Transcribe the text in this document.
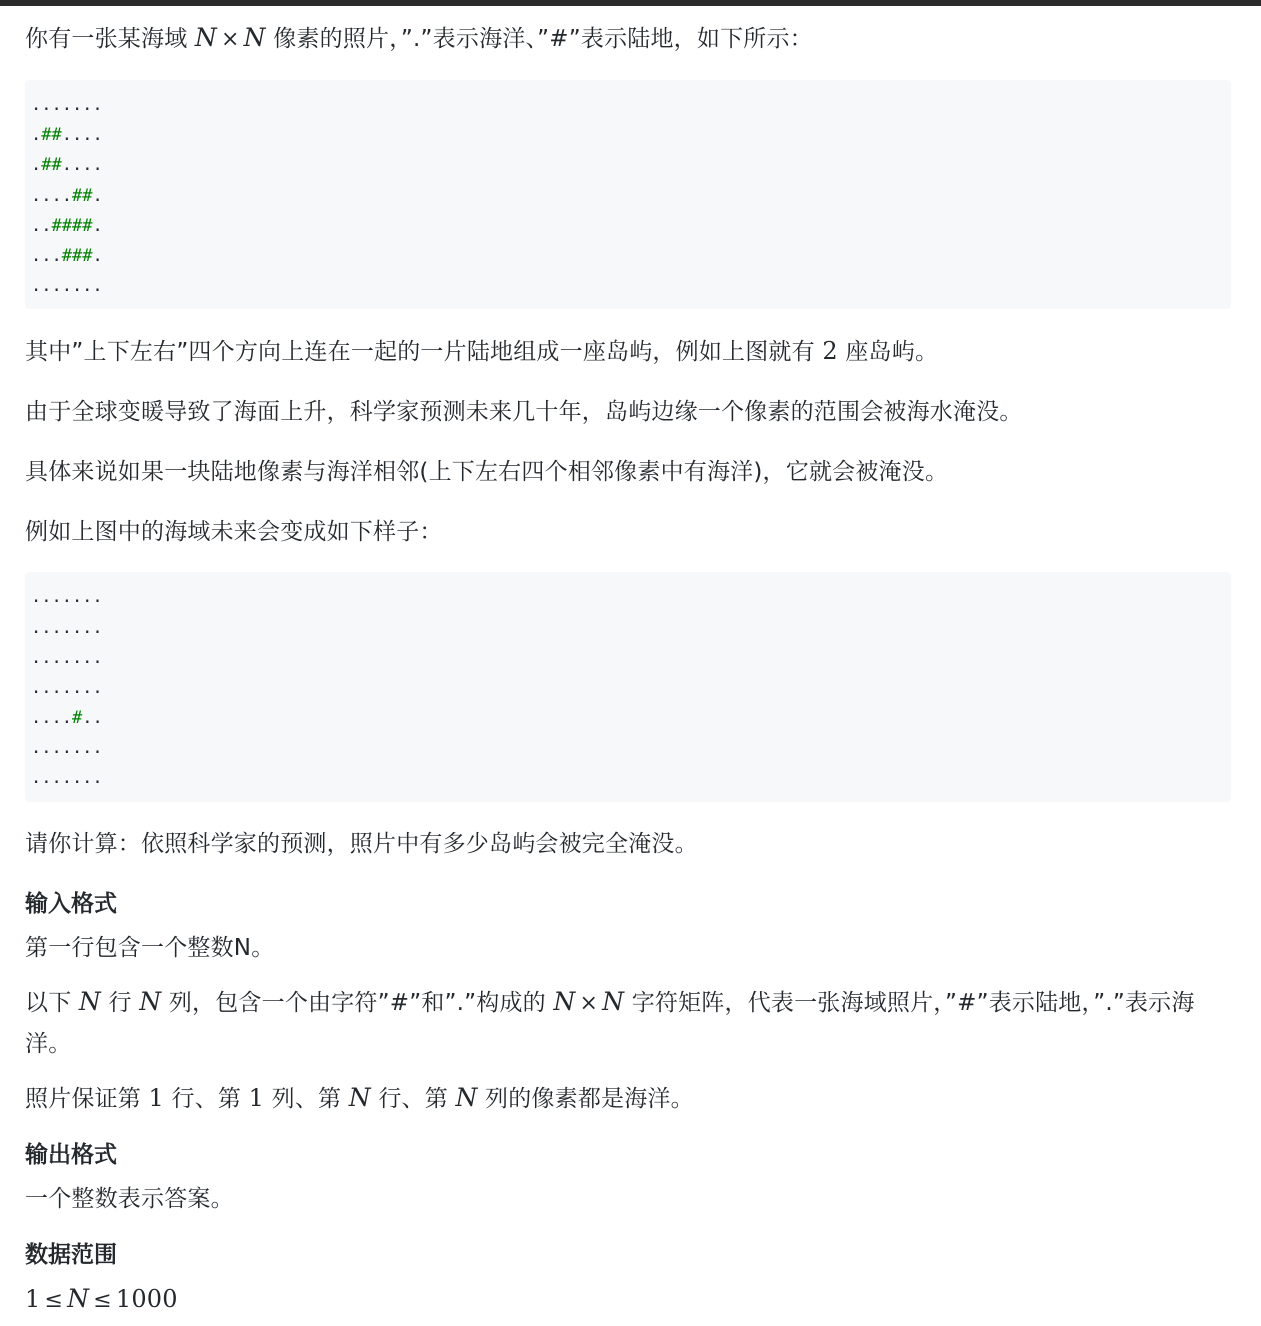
你有一张某海域 N × N 像素的照片，”.”表示海洋、”#”表示陆地，如下所示：

.......
.##....
.##....
....##.
..####.
...###.
.......

其中”上下左右”四个方向上连在一起的一片陆地组成一座岛屿，例如上图就有 2 座岛屿。

由于全球变暖导致了海面上升，科学家预测未来几十年，岛屿边缘一个像素的范围会被海水淹没。

具体来说如果一块陆地像素与海洋相邻(上下左右四个相邻像素中有海洋)，它就会被淹没。

例如上图中的海域未来会变成如下样子：

.......
.......
.......
.......
....#..
.......
.......

请你计算：依照科学家的预测，照片中有多少岛屿会被完全淹没。

输入格式

第一行包含一个整数N。

以下 N 行 N 列，包含一个由字符”#”和”.”构成的 N × N 字符矩阵，代表一张海域照片，”#”表示陆地，”.”表示海洋。

照片保证第 1 行、第 1 列、第 N 行、第 N 列的像素都是海洋。

输出格式

一个整数表示答案。

数据范围

1 ≤ N ≤ 1000
